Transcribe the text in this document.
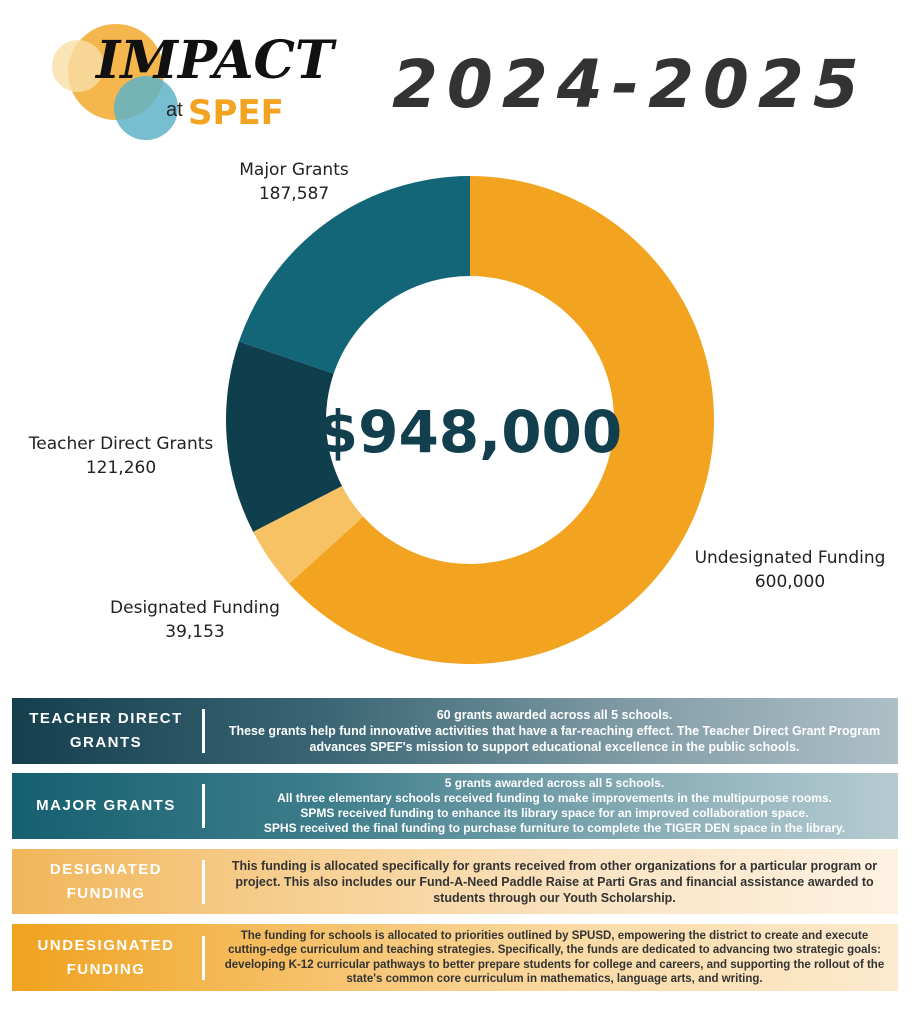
IMPACT
at SPEF 2024-2025
$948,000
Major Grants
187,587
Teacher Direct Grants
121,260
Designated Funding
39,153
Undesignated Funding
600,000
TEACHER DIRECT
GRANTS
60 grants awarded across all 5 schools.
These grants help fund innovative activities that have a far-reaching effect. The Teacher Direct Grant Program advances SPEF's mission to support educational excellence in the public schools.
MAJOR GRANTS
5 grants awarded across all 5 schools.
All three elementary schools received funding to make improvements in the multipurpose rooms.
SPMS received funding to enhance its library space for an improved collaboration space.
SPHS received the final funding to purchase furniture to complete the TIGER DEN space in the library.
DESIGNATED
FUNDING
This funding is allocated specifically for grants received from other organizations for a particular program or project. This also includes our Fund-A-Need Paddle Raise at Parti Gras and financial assistance awarded to students through our Youth Scholarship.
UNDESIGNATED
FUNDING
The funding for schools is allocated to priorities outlined by SPUSD, empowering the district to create and execute cutting-edge curriculum and teaching strategies. Specifically, the funds are dedicated to advancing two strategic goals: developing K-12 curricular pathways to better prepare students for college and careers, and supporting the rollout of the state's common core curriculum in mathematics, language arts, and writing.
